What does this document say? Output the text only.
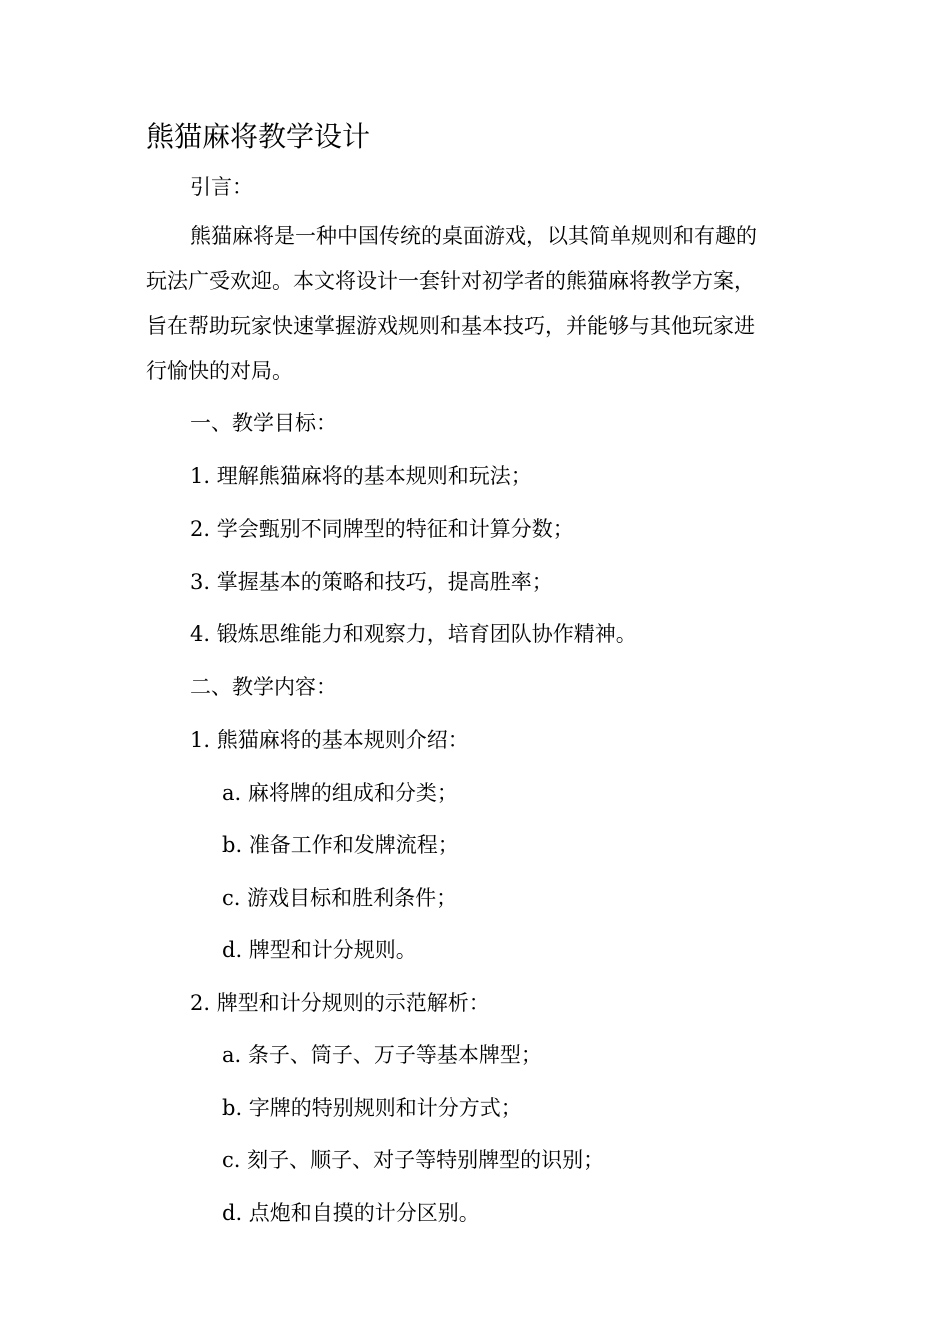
熊猫麻将教学设计
引言：
熊猫麻将是一种中国传统的桌面游戏，以其简单规则和有趣的
玩法广受欢迎。本文将设计一套针对初学者的熊猫麻将教学方案，
旨在帮助玩家快速掌握游戏规则和基本技巧，并能够与其他玩家进
行愉快的对局。
一、教学目标：
1. 理解熊猫麻将的基本规则和玩法；
2. 学会甄别不同牌型的特征和计算分数；
3. 掌握基本的策略和技巧，提高胜率；
4. 锻炼思维能力和观察力，培育团队协作精神。
二、教学内容：
1. 熊猫麻将的基本规则介绍：
a. 麻将牌的组成和分类；
b. 准备工作和发牌流程；
c. 游戏目标和胜利条件；
d. 牌型和计分规则。
2. 牌型和计分规则的示范解析：
a. 条子、筒子、万子等基本牌型；
b. 字牌的特别规则和计分方式；
c. 刻子、顺子、对子等特别牌型的识别；
d. 点炮和自摸的计分区别。
